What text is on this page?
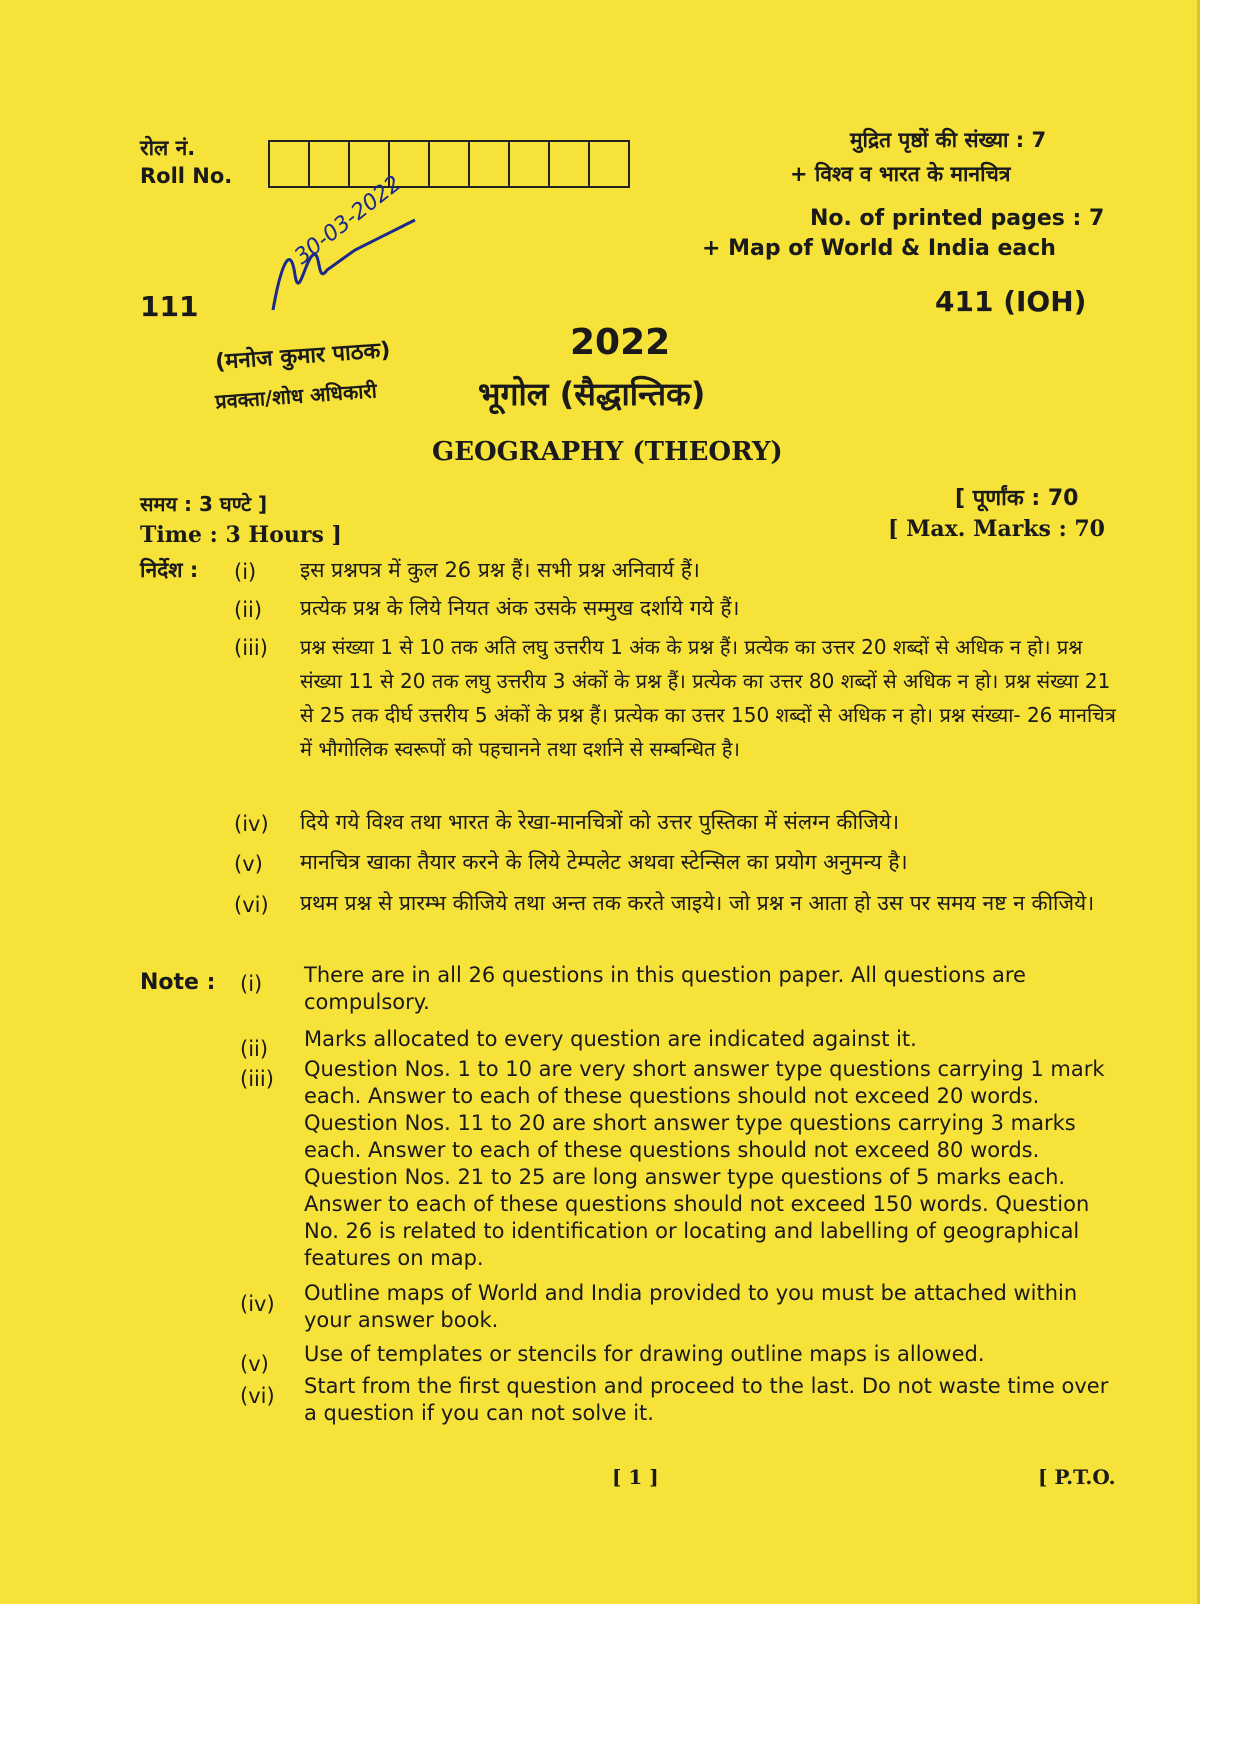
रोल नं.
Roll No.
मुद्रित पृष्ठों की संख्या : 7
+ विश्व व भारत के मानचित्र
No. of printed pages : 7
+ Map of World & India each
111	411 (IOH)
30-03-2022
(मनोज कुमार पाठक)
प्रवक्ता/शोध अधिकारी
2022
भूगोल (सैद्धान्तिक)
GEOGRAPHY (THEORY)
समय : 3 घण्टे ]
Time : 3 Hours ]
[ पूर्णांक : 70
[ Max. Marks : 70
निर्देश : (i) इस प्रश्नपत्र में कुल 26 प्रश्न हैं। सभी प्रश्न अनिवार्य हैं।
(ii) प्रत्येक प्रश्न के लिये नियत अंक उसके सम्मुख दर्शाये गये हैं।
(iii) प्रश्न संख्या 1 से 10 तक अति लघु उत्तरीय 1 अंक के प्रश्न हैं। प्रत्येक का उत्तर 20 शब्दों से अधिक न हो। प्रश्न संख्या 11 से 20 तक लघु उत्तरीय 3 अंकों के प्रश्न हैं। प्रत्येक का उत्तर 80 शब्दों से अधिक न हो। प्रश्न संख्या 21 से 25 तक दीर्घ उत्तरीय 5 अंकों के प्रश्न हैं। प्रत्येक का उत्तर 150 शब्दों से अधिक न हो। प्रश्न संख्या- 26 मानचित्र में भौगोलिक स्वरूपों को पहचानने तथा दर्शाने से सम्बन्धित है।
(iv) दिये गये विश्व तथा भारत के रेखा-मानचित्रों को उत्तर पुस्तिका में संलग्न कीजिये।
(v) मानचित्र खाका तैयार करने के लिये टेम्पलेट अथवा स्टेन्सिल का प्रयोग अनुमन्य है।
(vi) प्रथम प्रश्न से प्रारम्भ कीजिये तथा अन्त तक करते जाइये। जो प्रश्न न आता हो उस पर समय नष्ट न कीजिये।
Note : (i) There are in all 26 questions in this question paper. All questions are compulsory.
(ii) Marks allocated to every question are indicated against it.
(iii) Question Nos. 1 to 10 are very short answer type questions carrying 1 mark each. Answer to each of these questions should not exceed 20 words. Question Nos. 11 to 20 are short answer type questions carrying 3 marks each. Answer to each of these questions should not exceed 80 words. Question Nos. 21 to 25 are long answer type questions of 5 marks each. Answer to each of these questions should not exceed 150 words. Question No. 26 is related to identification or locating and labelling of geographical features on map.
(iv) Outline maps of World and India provided to you must be attached within your answer book.
(v) Use of templates or stencils for drawing outline maps is allowed.
(vi) Start from the first question and proceed to the last. Do not waste time over a question if you can not solve it.
[ 1 ]	[ P.T.O.
